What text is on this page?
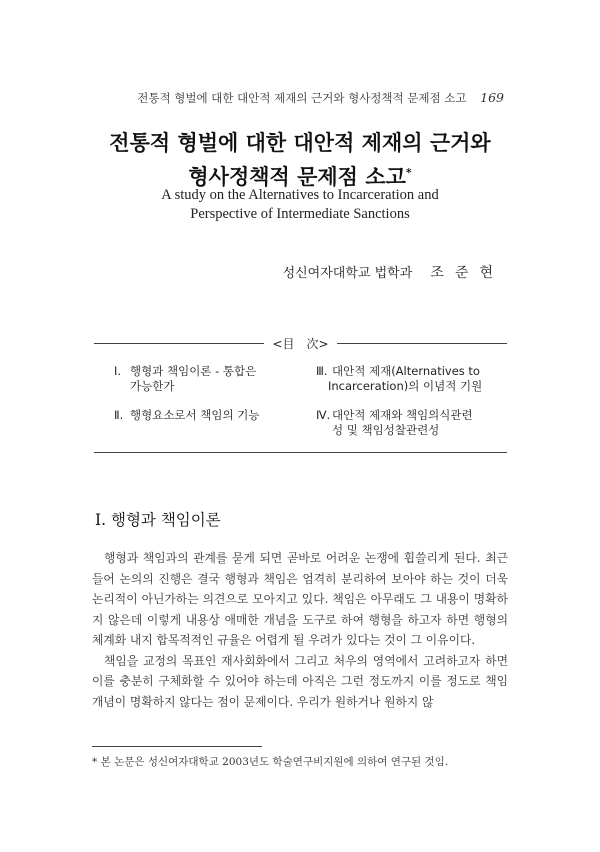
전통적 형벌에 대한 대안적 제재의 근거와 형사정책적 문제점 소고 169
전통적 형벌에 대한 대안적 제재의 근거와
형사정책적 문제점 소고*
A study on the Alternatives to Incarceration and
Perspective of Intermediate Sanctions
성신여자대학교 법학과 조준현
<目　次>
Ⅰ. 행형과 책임이론 - 통합은
가능한가
Ⅱ. 행형요소로서 책임의 기능
Ⅲ. 대안적 제재(Alternatives to
Incarceration)의 이념적 기원
Ⅳ. 대안적 제재와 책임의식관련
성 및 책임성찰관련성
Ⅰ. 행형과 책임이론

행형과 책임과의 관계를 묻게 되면 곧바로 어려운 논쟁에 휩쓸리게 된다. 최근들어 논의의 진행은 결국 행형과 책임은 엄격히 분리하여 보아야 하는 것이 더욱 논리적이 아닌가하는 의견으로 모아지고 있다. 책임은 아무래도 그 내용이 명확하지 않은데 이렇게 내용상 애매한 개념을 도구로 하여 행형을 하고자 하면 행형의 체계화 내지 합목적적인 규율은 어렵게 될 우려가 있다는 것이 그 이유이다.

책임을 교정의 목표인 재사회화에서 그리고 처우의 영역에서 고려하고자 하면 이를 충분히 구체화할 수 있어야 하는데 아직은 그런 정도까지 이를 정도로 책임개념이 명확하지 않다는 점이 문제이다. 우리가 원하거나 원하지 않

* 본 논문은 성신여자대학교 2003년도 학술연구비지원에 의하여 연구된 것임.
